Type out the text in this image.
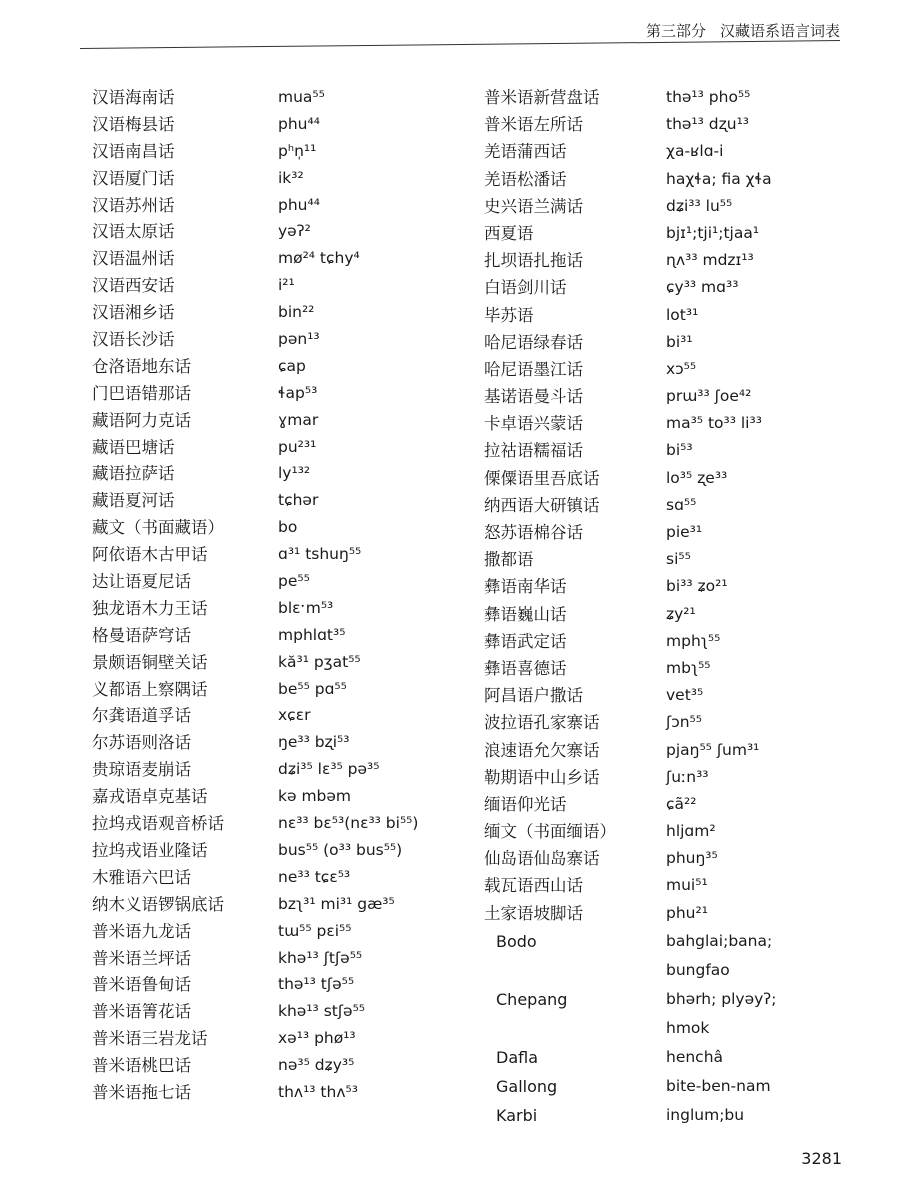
第三部分 汉藏语系语言词表
汉语海南话	mua⁵⁵
汉语梅县话	phu⁴⁴
汉语南昌话	pʰn̩¹¹
汉语厦门话	ik³²
汉语苏州话	phu⁴⁴
汉语太原话	yəʔ²
汉语温州话	mø²⁴ tɕhy⁴
汉语西安话	i²¹
汉语湘乡话	bin²²
汉语长沙话	pən¹³
仓洛语地东话	ɕap
门巴语错那话	ɬap⁵³
藏语阿力克话	ɣmar
藏语巴塘话	pu²³¹
藏语拉萨话	ly¹³²
藏语夏河话	tɕhər
藏文（书面藏语）	bo
阿依语木古甲话	ɑ³¹ tshuŋ⁵⁵
达让语夏尼话	pe⁵⁵
独龙语木力王话	blɛˑm⁵³
格曼语萨穹话	mphlɑt³⁵
景颇语铜壁关话	kă³¹ pʒat⁵⁵
义都语上察隅话	be⁵⁵ pɑ⁵⁵
尔龚语道孚话	xɕɛr
尔苏语则洛话	ŋe³³ bʐi⁵³
贵琼语麦崩话	dʑi³⁵ lɛ³⁵ pə³⁵
嘉戎语卓克基话	kə mbəm
拉坞戎语观音桥话	nɛ³³ bɛ⁵³(nɛ³³ bi⁵⁵)
拉坞戎语业隆话	bus⁵⁵ (o³³ bus⁵⁵)
木雅语六巴话	ne³³ tɕɛ⁵³
纳木义语锣锅底话	bzʅ³¹ mi³¹ gæ³⁵
普米语九龙话	tɯ⁵⁵ pɛi⁵⁵
普米语兰坪话	khə¹³ ʃtʃə⁵⁵
普米语鲁甸话	thə¹³ tʃə⁵⁵
普米语箐花话	khə¹³ stʃə⁵⁵
普米语三岩龙话	xə¹³ phø¹³
普米语桃巴话	nə³⁵ dʑy³⁵
普米语拖七话	thʌ¹³ thʌ⁵³
普米语新营盘话	thə¹³ pho⁵⁵
普米语左所话	thə¹³ dʐu¹³
羌语蒲西话	χa-ʁlɑ-i
羌语松潘话	haχɬa; fia χɬa
史兴语兰满话	dʑi³³ lu⁵⁵
西夏语	bjɪ¹;tji¹;tjaa¹
扎坝语扎拖话	ɳʌ³³ mdzɪ¹³
白语剑川话	ɕy³³ mɑ³³
毕苏语	lot³¹
哈尼语绿春话	bi³¹
哈尼语墨江话	xɔ⁵⁵
基诺语曼斗话	prɯ³³ ʃoe⁴²
卡卓语兴蒙话	ma³⁵ to³³ li³³
拉祜语糯福话	bi⁵³
傈僳语里吾底话	lo³⁵ ʐe³³
纳西语大研镇话	sɑ⁵⁵
怒苏语棉谷话	pie³¹
撒都语	si⁵⁵
彝语南华话	bi³³ ʑo²¹
彝语巍山话	ʑy²¹
彝语武定话	mphʅ⁵⁵
彝语喜德话	mbʅ⁵⁵
阿昌语户撒话	vet³⁵
波拉语孔家寨话	ʃɔn⁵⁵
浪速语允欠寨话	pjaŋ⁵⁵ ʃum³¹
勒期语中山乡话	ʃuːn³³
缅语仰光话	ɕã²²
缅文（书面缅语）	hljɑm²
仙岛语仙岛寨话	phuŋ³⁵
载瓦语西山话	mui⁵¹
土家语坡脚话	phu²¹
Bodo	bahglai;bana;
bungfao
Chepang	bhərh; plyəyʔ;
hmok
Dafla	henchâ
Gallong	bite-ben-nam
Karbi	inglum;bu
3281
